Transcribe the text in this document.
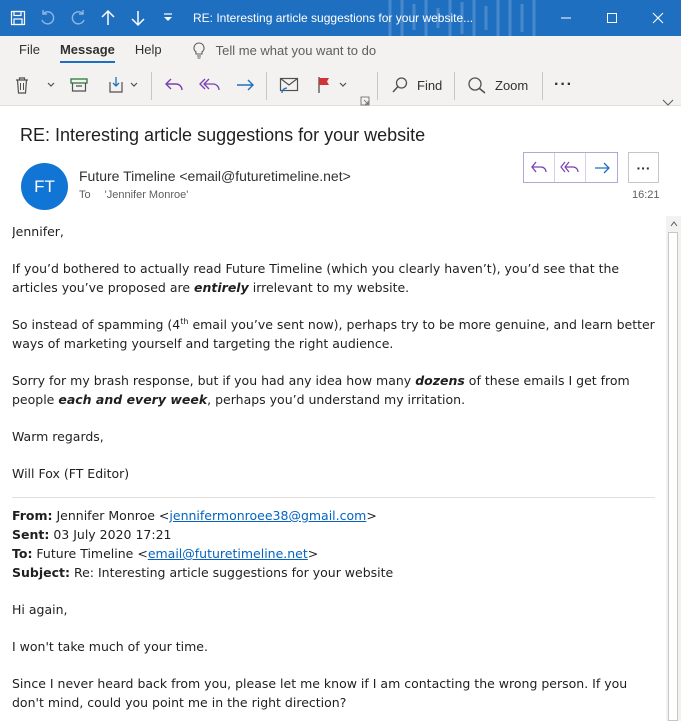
RE: Interesting article suggestions for your website...
File	Message	Help	Tell me what you want to do
Find	Zoom ···
RE: Interesting article suggestions for your website
FT
Future Timeline <email@futuretimeline.net>
To 'Jennifer Monroe'
···
16:21

Jennifer,

If you’d bothered to actually read Future Timeline (which you clearly haven’t), you’d see that the articles you’ve proposed are entirely irrelevant to my website.

So instead of spamming (4th email you’ve sent now), perhaps try to be more genuine, and learn better ways of marketing yourself and targeting the right audience.

Sorry for my brash response, but if you had any idea how many dozens of these emails I get from people each and every week, perhaps you’d understand my irritation.

Warm regards,

Will Fox (FT Editor)

From: Jennifer Monroe <jennifermonroee38@gmail.com>
Sent: 03 July 2020 17:21
To: Future Timeline <email@futuretimeline.net>
Subject: Re: Interesting article suggestions for your website

Hi again,

I won't take much of your time.

Since I never heard back from you, please let me know if I am contacting the wrong person. If you don't mind, could you point me in the right direction?
